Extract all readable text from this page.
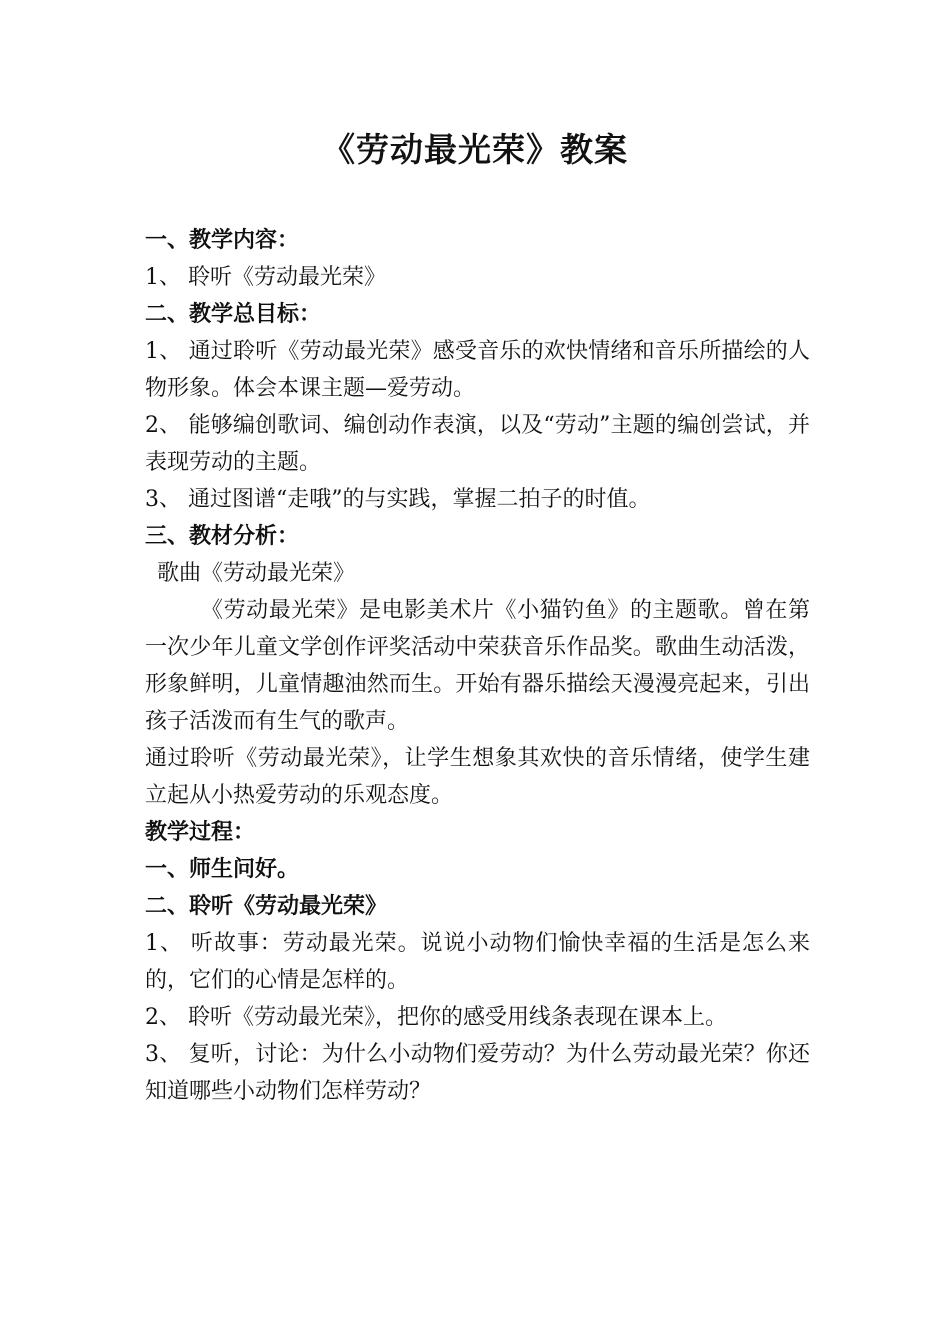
《劳动最光荣》教案
一、教学内容：
1、 聆听《劳动最光荣》
二、教学总目标：
1、 通过聆听《劳动最光荣》感受音乐的欢快情绪和音乐所描绘的人物形象。体会本课主题—爱劳动。
2、 能够编创歌词、编创动作表演，以及“劳动”主题的编创尝试，并表现劳动的主题。
3、 通过图谱“走哦”的与实践，掌握二拍子的时值。
三、教材分析：
歌曲《劳动最光荣》
《劳动最光荣》是电影美术片《小猫钓鱼》的主题歌。曾在第一次少年儿童文学创作评奖活动中荣获音乐作品奖。歌曲生动活泼，形象鲜明，儿童情趣油然而生。开始有器乐描绘天漫漫亮起来，引出孩子活泼而有生气的歌声。
通过聆听《劳动最光荣》，让学生想象其欢快的音乐情绪，使学生建立起从小热爱劳动的乐观态度。
教学过程：
一、师生问好。
二、聆听《劳动最光荣》
1、 听故事：劳动最光荣。说说小动物们愉快幸福的生活是怎么来的，它们的心情是怎样的。
2、 聆听《劳动最光荣》，把你的感受用线条表现在课本上。
3、 复听，讨论：为什么小动物们爱劳动？为什么劳动最光荣？你还知道哪些小动物们怎样劳动？
